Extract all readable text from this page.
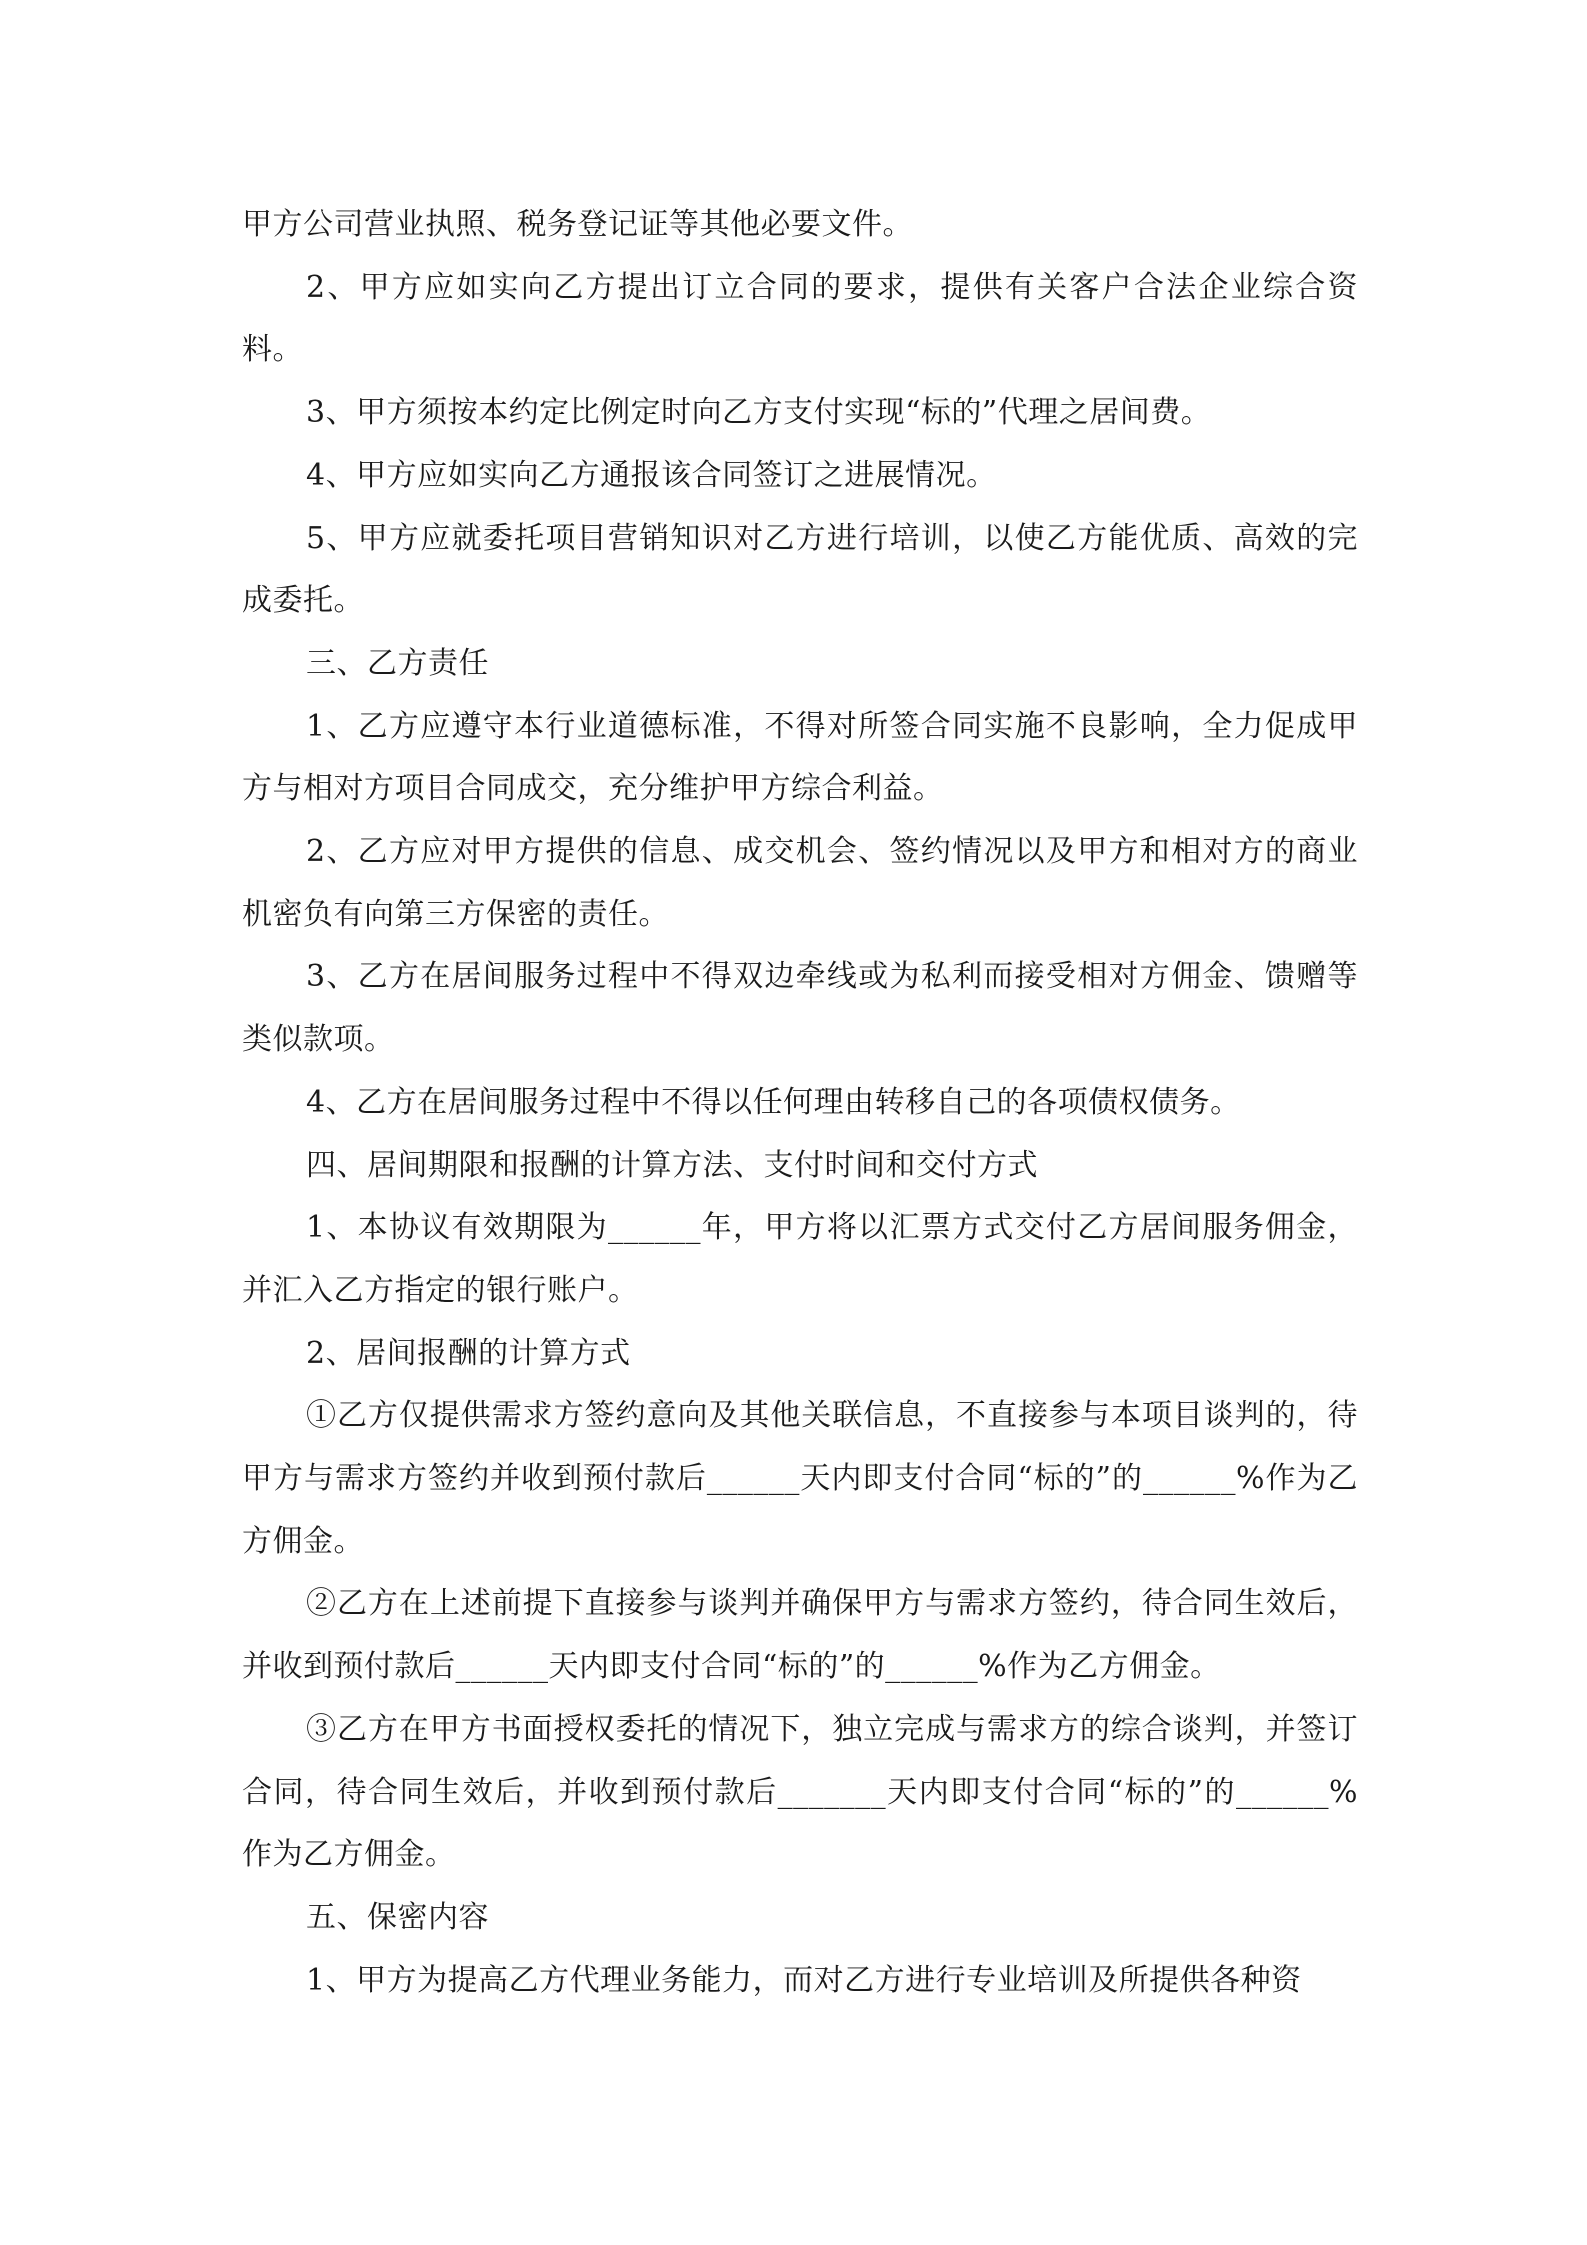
甲方公司营业执照、税务登记证等其他必要文件。

2、甲方应如实向乙方提出订立合同的要求，提供有关客户合法企业综合资料。

3、甲方须按本约定比例定时向乙方支付实现“标的”代理之居间费。

4、甲方应如实向乙方通报该合同签订之进展情况。

5、甲方应就委托项目营销知识对乙方进行培训，以使乙方能优质、高效的完成委托。

三、乙方责任

1、乙方应遵守本行业道德标准，不得对所签合同实施不良影响，全力促成甲方与相对方项目合同成交，充分维护甲方综合利益。

2、乙方应对甲方提供的信息、成交机会、签约情况以及甲方和相对方的商业机密负有向第三方保密的责任。

3、乙方在居间服务过程中不得双边牵线或为私利而接受相对方佣金、馈赠等类似款项。

4、乙方在居间服务过程中不得以任何理由转移自己的各项债权债务。

四、居间期限和报酬的计算方法、支付时间和交付方式

1、本协议有效期限为______年，甲方将以汇票方式交付乙方居间服务佣金，并汇入乙方指定的银行账户。

2、居间报酬的计算方式

①乙方仅提供需求方签约意向及其他关联信息，不直接参与本项目谈判的，待甲方与需求方签约并收到预付款后______天内即支付合同“标的”的______%作为乙方佣金。

②乙方在上述前提下直接参与谈判并确保甲方与需求方签约，待合同生效后，并收到预付款后______天内即支付合同“标的”的______%作为乙方佣金。

③乙方在甲方书面授权委托的情况下，独立完成与需求方的综合谈判，并签订合同，待合同生效后，并收到预付款后_______天内即支付合同“标的”的______%作为乙方佣金。

五、保密内容

1、甲方为提高乙方代理业务能力，而对乙方进行专业培训及所提供各种资
